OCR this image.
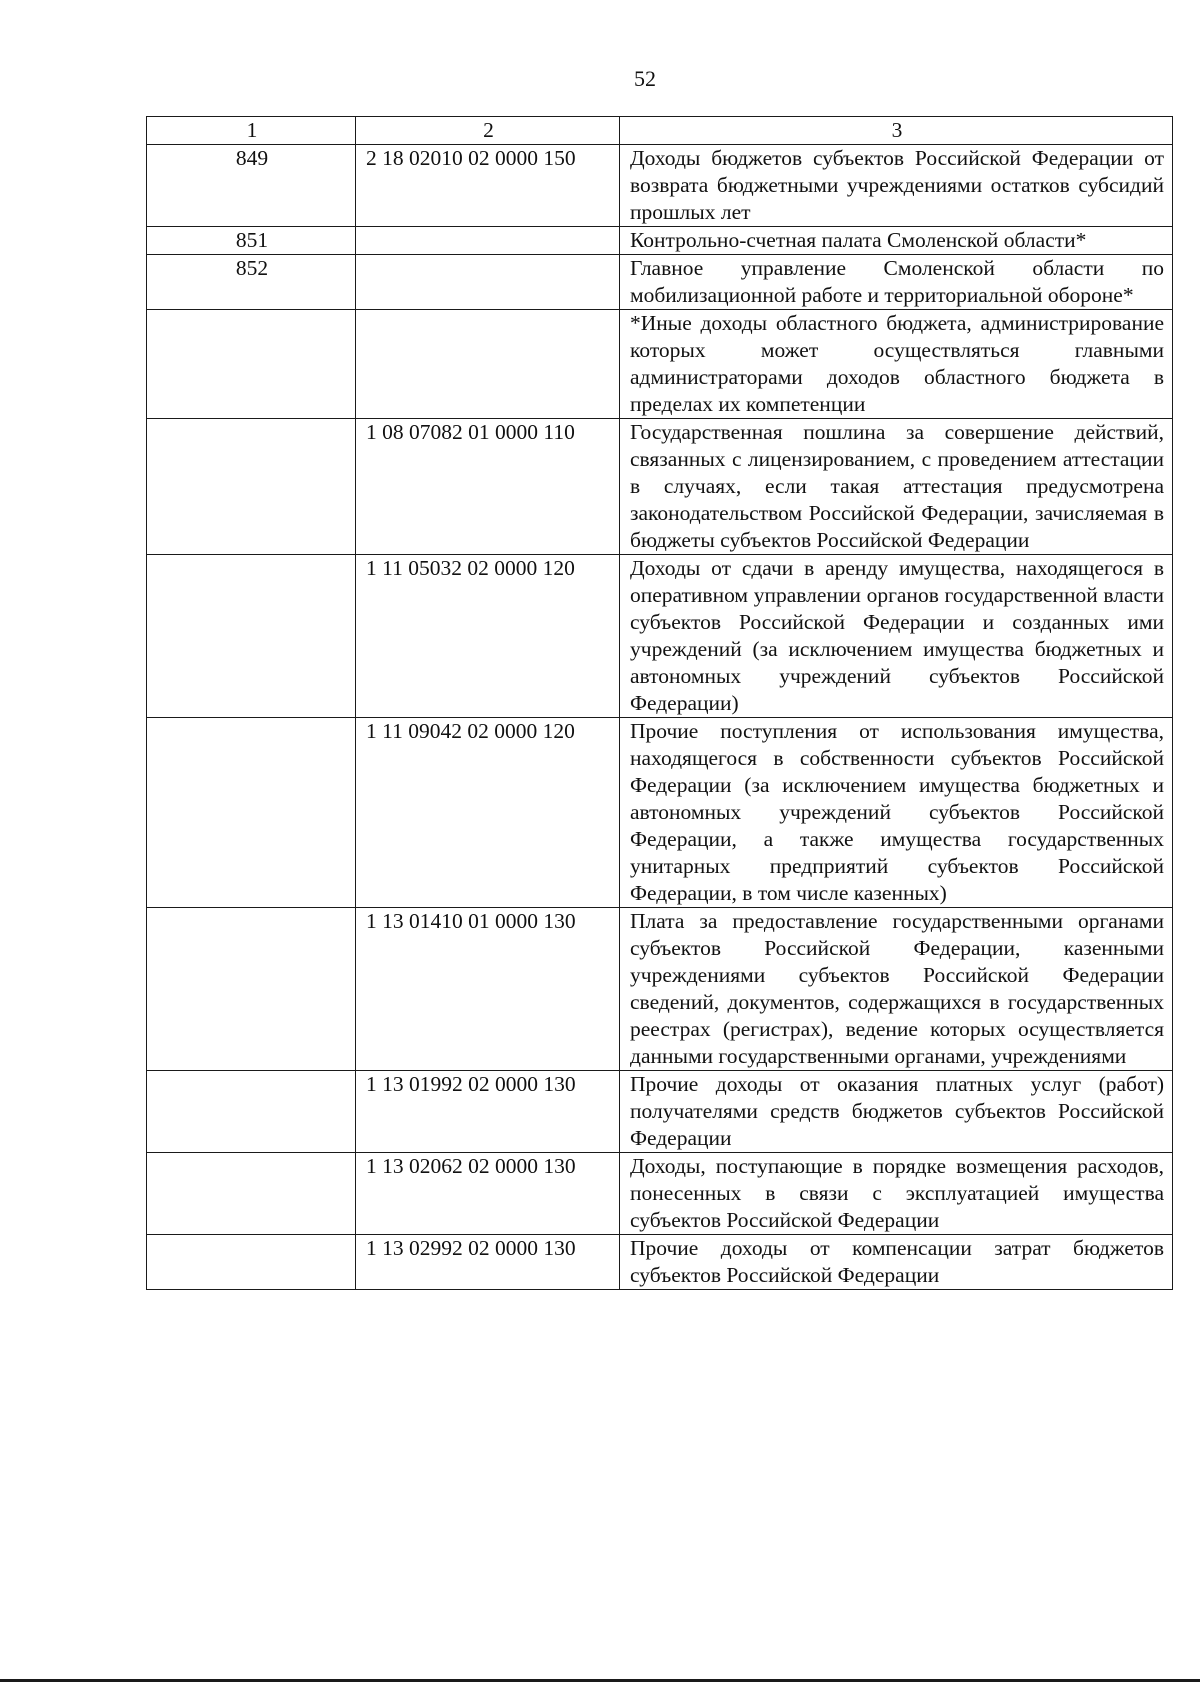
52
1	2	3
849	2 18 02010 02 0000 150	Доходы бюджетов субъектов Российской Федерации от возврата бюджетными учреждениями остатков субсидий прошлых лет
851		Контрольно-счетная палата Смоленской области*
852		Главное управление Смоленской области по мобилизационной работе и территориальной обороне*
		*Иные доходы областного бюджета, администрирование которых может осуществляться главными администраторами доходов областного бюджета в пределах их компетенции
	1 08 07082 01 0000 110	Государственная пошлина за совершение действий, связанных с лицензированием, с проведением аттестации в случаях, если такая аттестация предусмотрена законодательством Российской Федерации, зачисляемая в бюджеты субъектов Российской Федерации
	1 11 05032 02 0000 120	Доходы от сдачи в аренду имущества, находящегося в оперативном управлении органов государственной власти субъектов Российской Федерации и созданных ими учреждений (за исключением имущества бюджетных и автономных учреждений субъектов Российской Федерации)
	1 11 09042 02 0000 120	Прочие поступления от использования имущества, находящегося в собственности субъектов Российской Федерации (за исключением имущества бюджетных и автономных учреждений субъектов Российской Федерации, а также имущества государственных унитарных предприятий субъектов Российской Федерации, в том числе казенных)
	1 13 01410 01 0000 130	Плата за предоставление государственными органами субъектов Российской Федерации, казенными учреждениями субъектов Российской Федерации сведений, документов, содержащихся в государственных реестрах (регистрах), ведение которых осуществляется данными государственными органами, учреждениями
	1 13 01992 02 0000 130	Прочие доходы от оказания платных услуг (работ) получателями средств бюджетов субъектов Российской Федерации
	1 13 02062 02 0000 130	Доходы, поступающие в порядке возмещения расходов, понесенных в связи с эксплуатацией имущества субъектов Российской Федерации
	1 13 02992 02 0000 130	Прочие доходы от компенсации затрат бюджетов субъектов Российской Федерации
